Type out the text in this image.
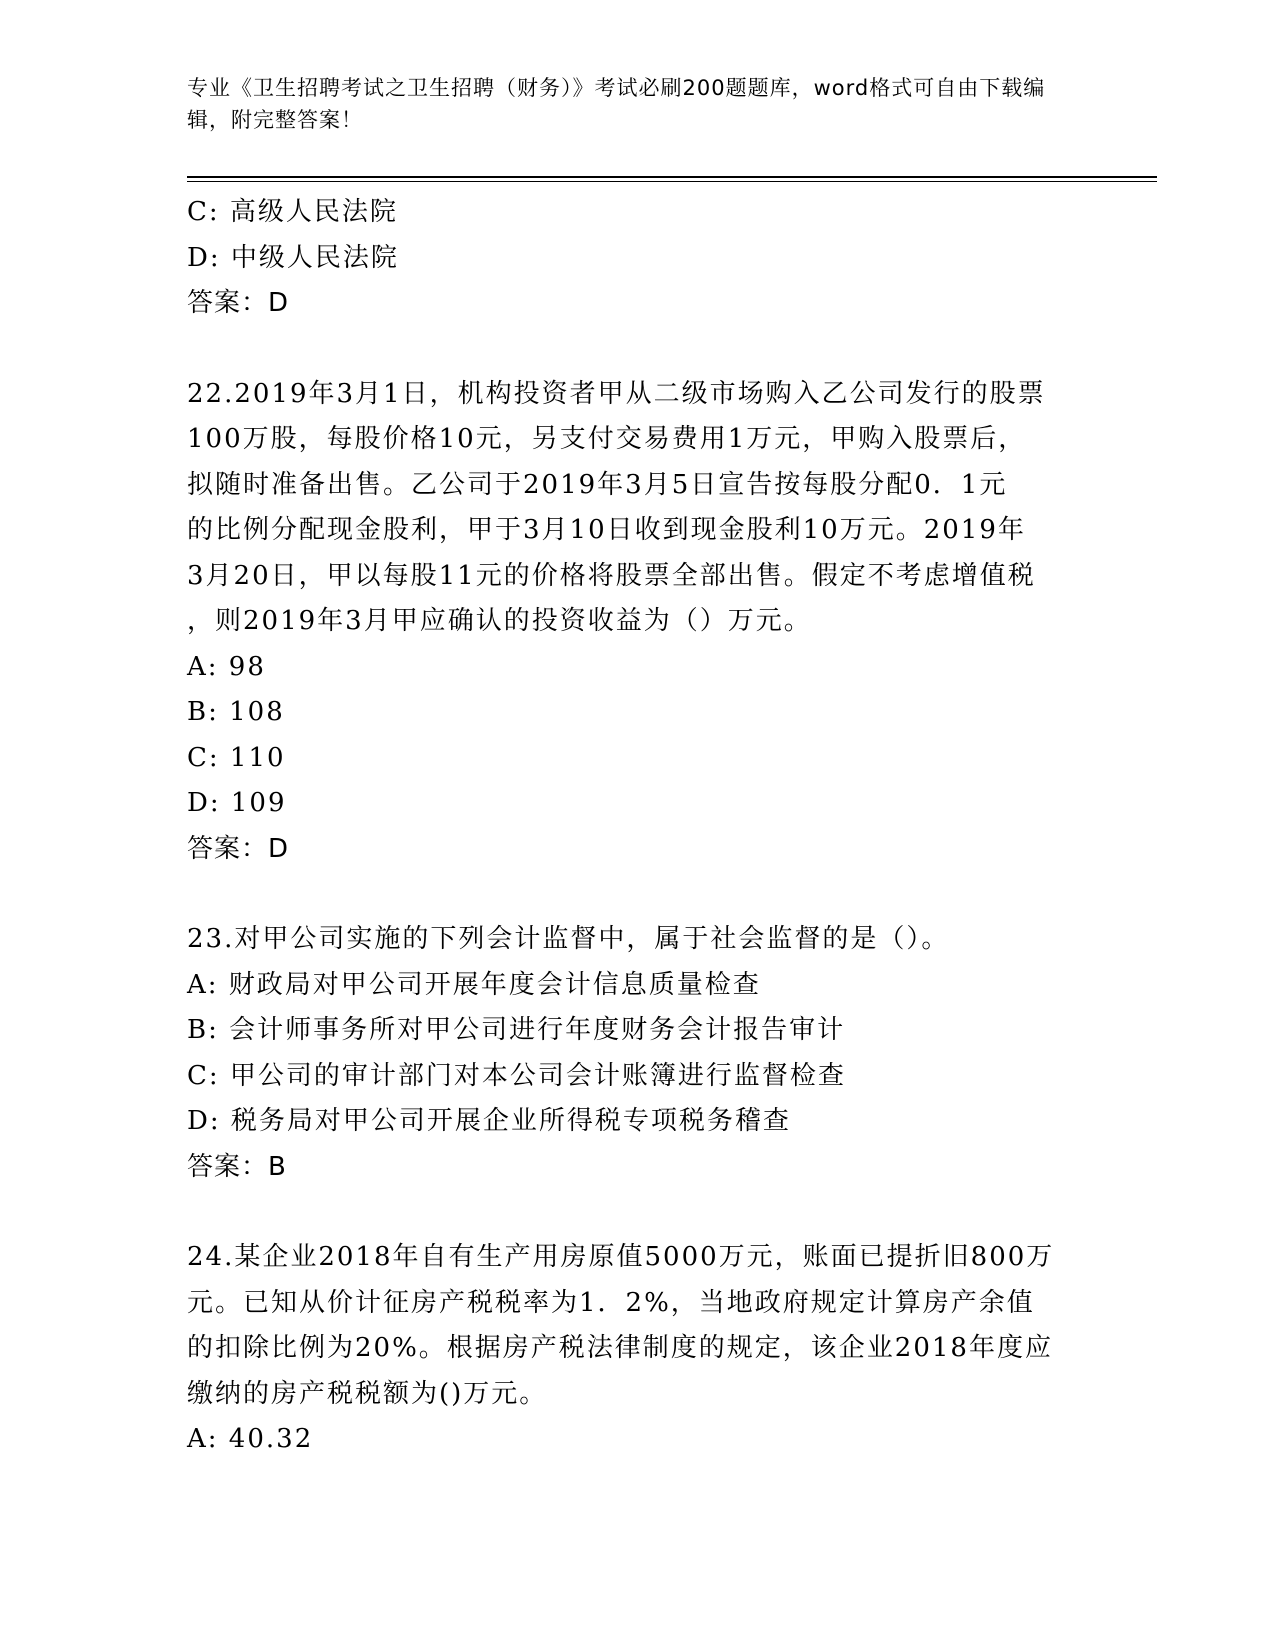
专业《卫生招聘考试之卫生招聘（财务）》考试必刷200题题库，word格式可自由下载编辑，附完整答案！
C: 高级人民法院
D: 中级人民法院
答案：D
22.2019年3月1日，机构投资者甲从二级市场购入乙公司发行的股票
100万股，每股价格10元，另支付交易费用1万元，甲购入股票后，
拟随时准备出售。乙公司于2019年3月5日宣告按每股分配0．1元
的比例分配现金股利，甲于3月10日收到现金股利10万元。2019年
3月20日，甲以每股11元的价格将股票全部出售。假定不考虑增值税
，则2019年3月甲应确认的投资收益为（）万元。
A: 98
B: 108
C: 110
D: 109
答案：D
23.对甲公司实施的下列会计监督中，属于社会监督的是（）。
A: 财政局对甲公司开展年度会计信息质量检查
B: 会计师事务所对甲公司进行年度财务会计报告审计
C: 甲公司的审计部门对本公司会计账簿进行监督检查
D: 税务局对甲公司开展企业所得税专项税务稽查
答案：B
24.某企业2018年自有生产用房原值5000万元，账面已提折旧800万
元。已知从价计征房产税税率为1．2%，当地政府规定计算房产余值
的扣除比例为20%。根据房产税法律制度的规定，该企业2018年度应
缴纳的房产税税额为()万元。
A: 40.32
